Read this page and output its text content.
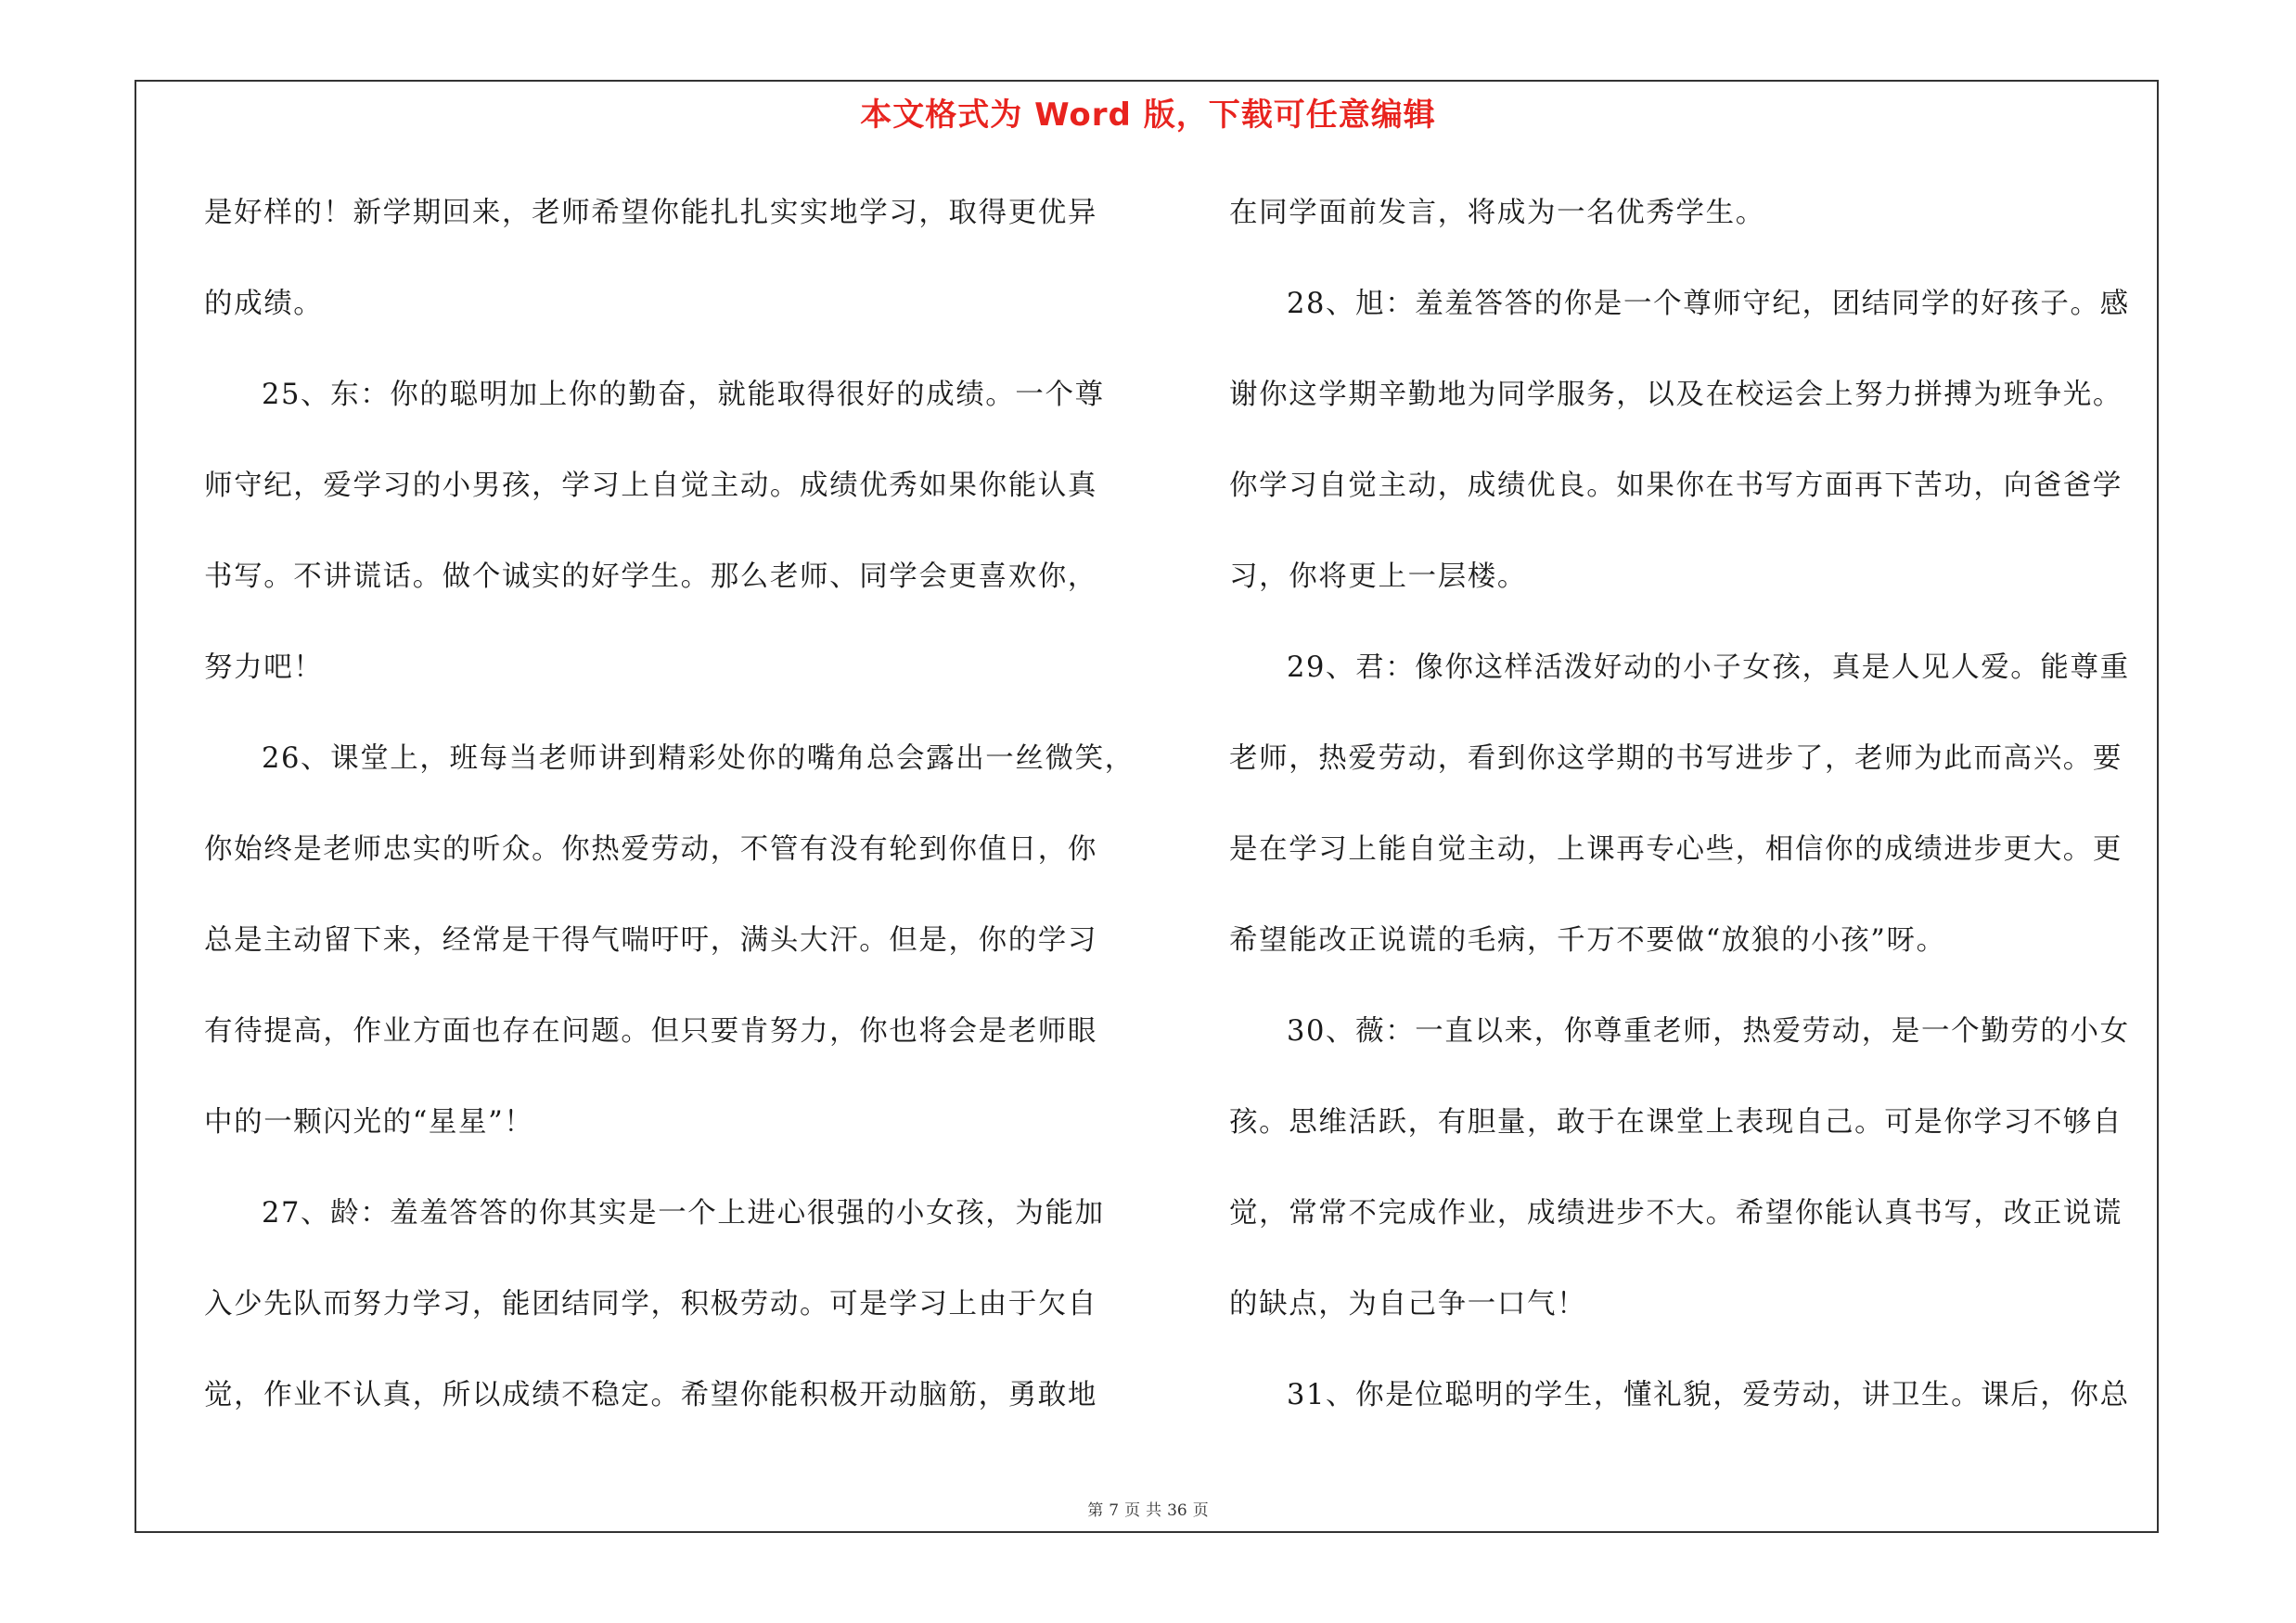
本文格式为 Word 版，下载可任意编辑
是好样的！新学期回来，老师希望你能扎扎实实地学习，取得更优异
的成绩。
25、东：你的聪明加上你的勤奋，就能取得很好的成绩。一个尊
师守纪，爱学习的小男孩，学习上自觉主动。成绩优秀如果你能认真
书写。不讲谎话。做个诚实的好学生。那么老师、同学会更喜欢你，
努力吧！
26、课堂上，班每当老师讲到精彩处你的嘴角总会露出一丝微笑，
你始终是老师忠实的听众。你热爱劳动，不管有没有轮到你值日，你
总是主动留下来，经常是干得气喘吁吁，满头大汗。但是，你的学习
有待提高，作业方面也存在问题。但只要肯努力，你也将会是老师眼
中的一颗闪光的“星星”！
27、龄：羞羞答答的你其实是一个上进心很强的小女孩，为能加
入少先队而努力学习，能团结同学，积极劳动。可是学习上由于欠自
觉，作业不认真，所以成绩不稳定。希望你能积极开动脑筋，勇敢地
在同学面前发言，将成为一名优秀学生。
28、旭：羞羞答答的你是一个尊师守纪，团结同学的好孩子。感
谢你这学期辛勤地为同学服务，以及在校运会上努力拼搏为班争光。
你学习自觉主动，成绩优良。如果你在书写方面再下苦功，向爸爸学
习，你将更上一层楼。
29、君：像你这样活泼好动的小子女孩，真是人见人爱。能尊重
老师，热爱劳动，看到你这学期的书写进步了，老师为此而高兴。要
是在学习上能自觉主动，上课再专心些，相信你的成绩进步更大。更
希望能改正说谎的毛病，千万不要做“放狼的小孩”呀。
30、薇：一直以来，你尊重老师，热爱劳动，是一个勤劳的小女
孩。思维活跃，有胆量，敢于在课堂上表现自己。可是你学习不够自
觉，常常不完成作业，成绩进步不大。希望你能认真书写，改正说谎
的缺点，为自己争一口气！
31、你是位聪明的学生，懂礼貌，爱劳动，讲卫生。课后，你总
第 7 页 共 36 页
